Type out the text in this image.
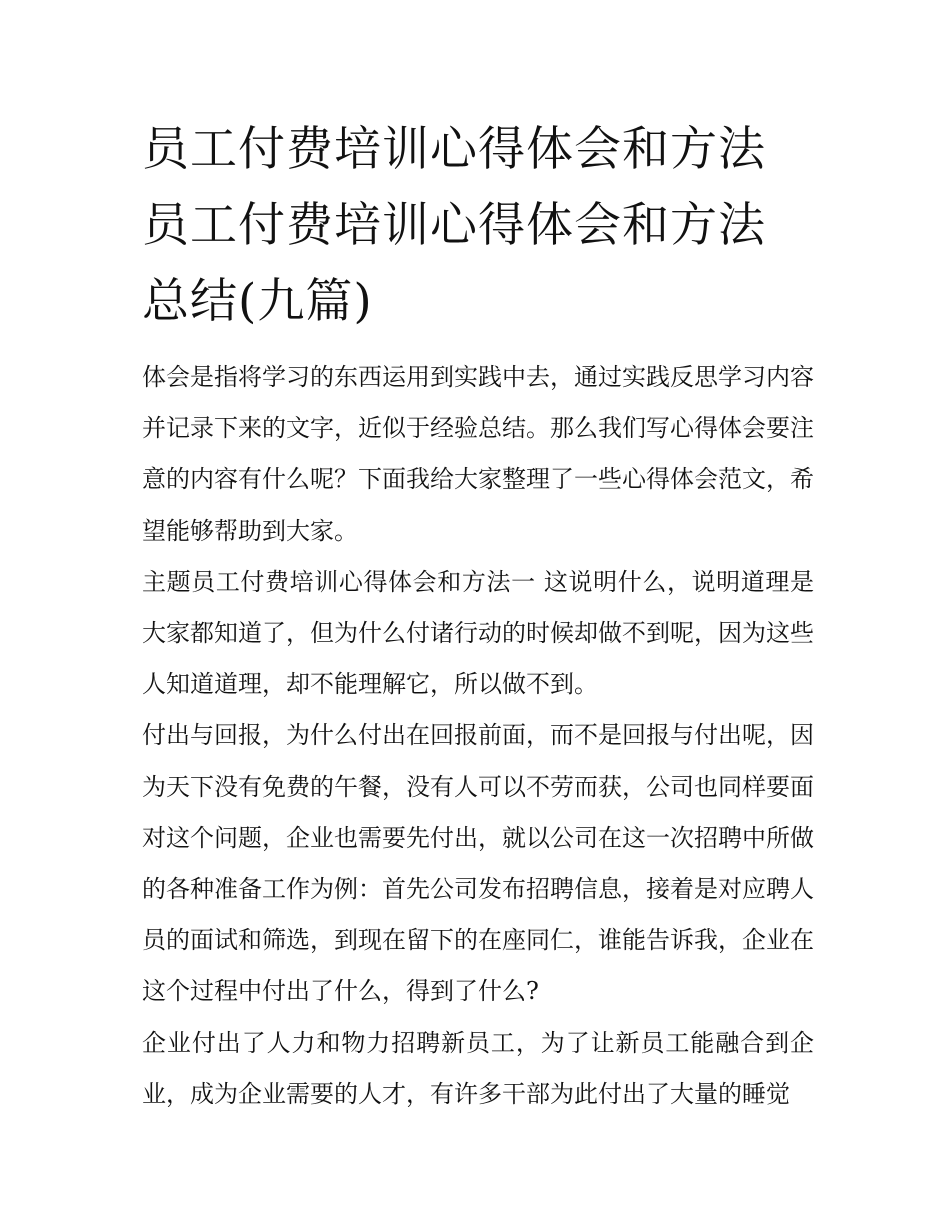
员工付费培训心得体会和方法
员工付费培训心得体会和方法
总结(九篇)

体会是指将学习的东西运用到实践中去，通过实践反思学习内容并记录下来的文字，近似于经验总结。那么我们写心得体会要注意的内容有什么呢？下面我给大家整理了一些心得体会范文，希望能够帮助到大家。

主题员工付费培训心得体会和方法一 这说明什么，说明道理是大家都知道了，但为什么付诸行动的时候却做不到呢，因为这些人知道道理，却不能理解它，所以做不到。

付出与回报，为什么付出在回报前面，而不是回报与付出呢，因为天下没有免费的午餐，没有人可以不劳而获，公司也同样要面对这个问题，企业也需要先付出，就以公司在这一次招聘中所做的各种准备工作为例：首先公司发布招聘信息，接着是对应聘人员的面试和筛选，到现在留下的在座同仁，谁能告诉我，企业在这个过程中付出了什么，得到了什么?

企业付出了人力和物力招聘新员工，为了让新员工能融合到企业，成为企业需要的人才，有许多干部为此付出了大量的睡觉
